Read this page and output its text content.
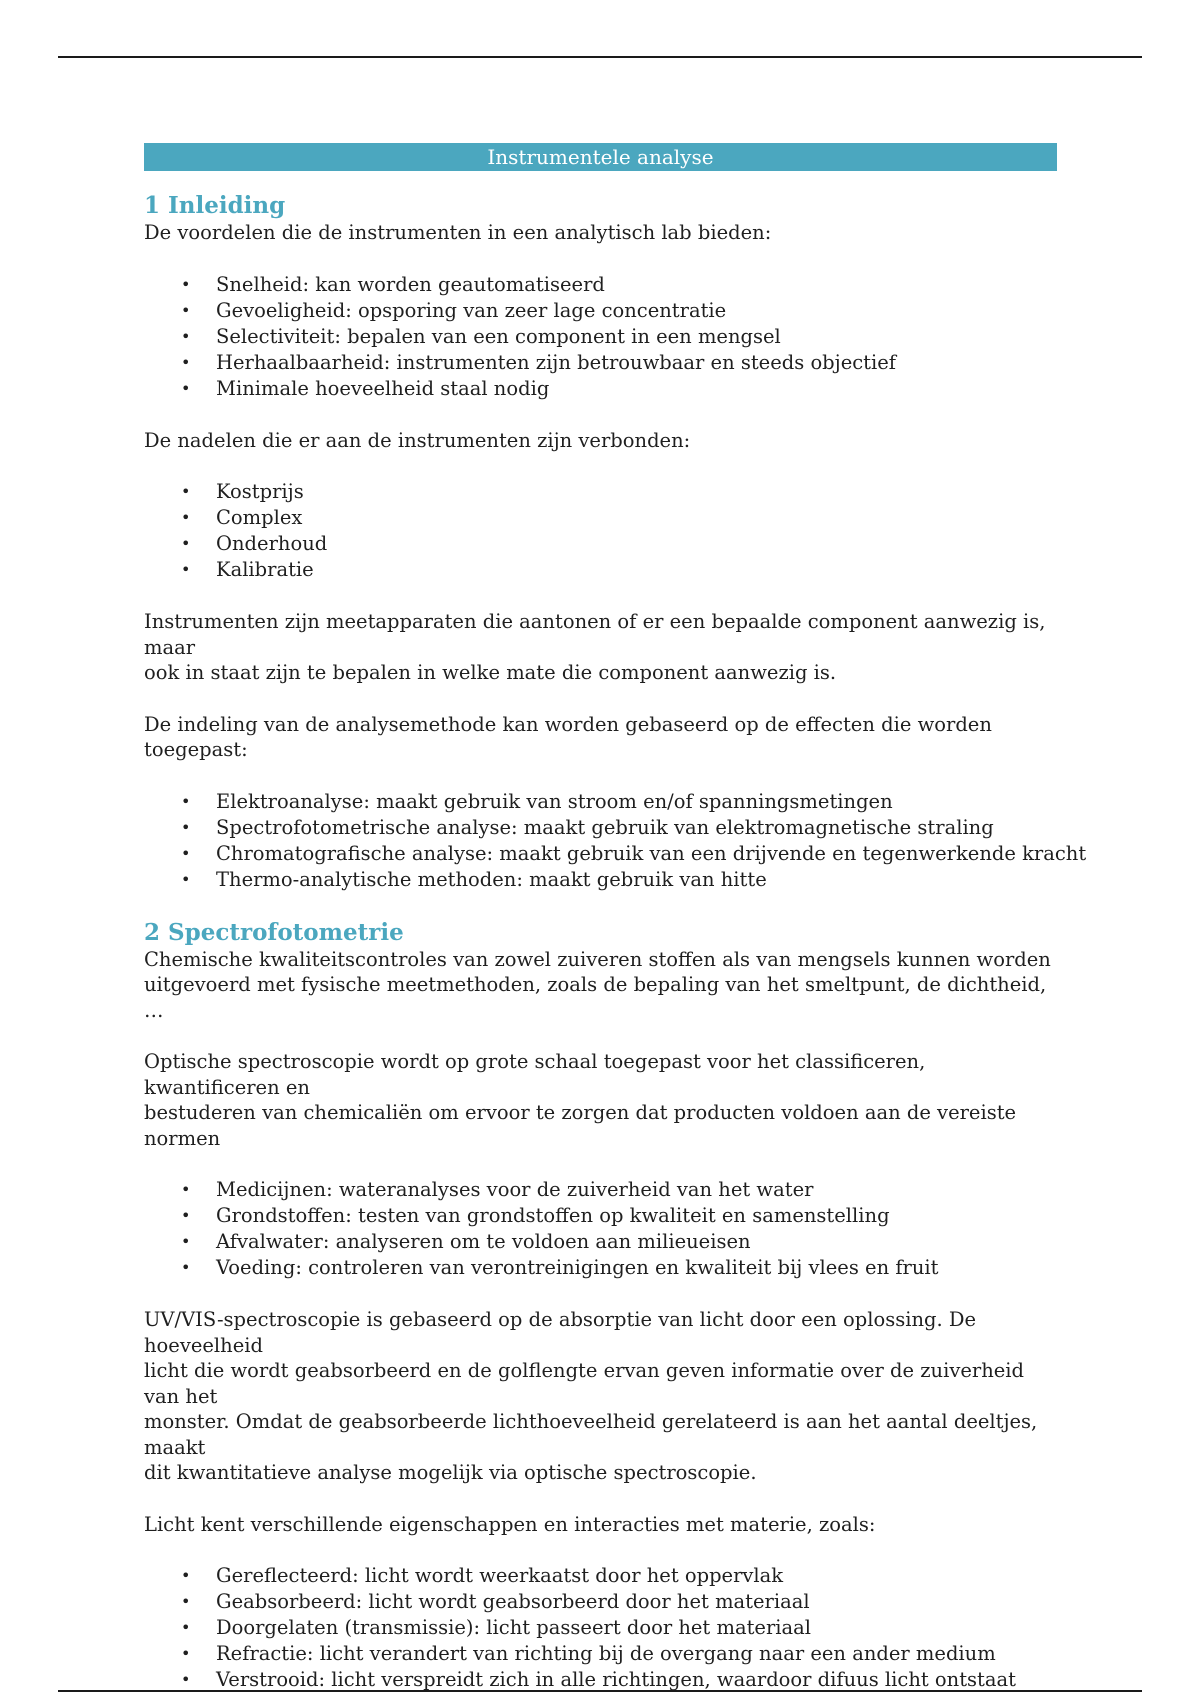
Instrumentele analyse
1 Inleiding

De voordelen die de instrumenten in een analytisch lab bieden:

• Snelheid: kan worden geautomatiseerd
• Gevoeligheid: opsporing van zeer lage concentratie
• Selectiviteit: bepalen van een component in een mengsel
• Herhaalbaarheid: instrumenten zijn betrouwbaar en steeds objectief
• Minimale hoeveelheid staal nodig

De nadelen die er aan de instrumenten zijn verbonden:

• Kostprijs
• Complex
• Onderhoud
• Kalibratie

Instrumenten zijn meetapparaten die aantonen of er een bepaalde component aanwezig is, maar
ook in staat zijn te bepalen in welke mate die component aanwezig is.

De indeling van de analysemethode kan worden gebaseerd op de effecten die worden toegepast:

• Elektroanalyse: maakt gebruik van stroom en/of spanningsmetingen
• Spectrofotometrische analyse: maakt gebruik van elektromagnetische straling
• Chromatografische analyse: maakt gebruik van een drijvende en tegenwerkende kracht
• Thermo-analytische methoden: maakt gebruik van hitte
2 Spectrofotometrie

Chemische kwaliteitscontroles van zowel zuiveren stoffen als van mengsels kunnen worden
uitgevoerd met fysische meetmethoden, zoals de bepaling van het smeltpunt, de dichtheid, …

Optische spectroscopie wordt op grote schaal toegepast voor het classificeren, kwantificeren en
bestuderen van chemicaliën om ervoor te zorgen dat producten voldoen aan de vereiste normen

• Medicijnen: wateranalyses voor de zuiverheid van het water
• Grondstoffen: testen van grondstoffen op kwaliteit en samenstelling
• Afvalwater: analyseren om te voldoen aan milieueisen
• Voeding: controleren van verontreinigingen en kwaliteit bij vlees en fruit

UV/VIS-spectroscopie is gebaseerd op de absorptie van licht door een oplossing. De hoeveelheid
licht die wordt geabsorbeerd en de golflengte ervan geven informatie over de zuiverheid van het
monster. Omdat de geabsorbeerde lichthoeveelheid gerelateerd is aan het aantal deeltjes, maakt
dit kwantitatieve analyse mogelijk via optische spectroscopie.

Licht kent verschillende eigenschappen en interacties met materie, zoals:

• Gereflecteerd: licht wordt weerkaatst door het oppervlak
• Geabsorbeerd: licht wordt geabsorbeerd door het materiaal
• Doorgelaten (transmissie): licht passeert door het materiaal
• Refractie: licht verandert van richting bij de overgang naar een ander medium
• Verstrooid: licht verspreidt zich in alle richtingen, waardoor difuus licht ontstaat
